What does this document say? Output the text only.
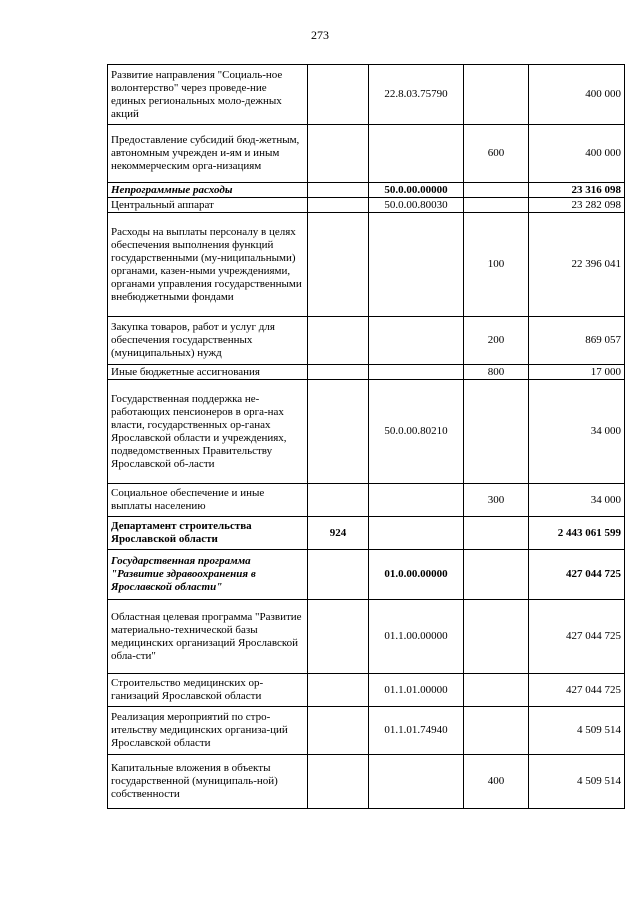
273
Развитие направления "Социаль-ное волонтерство" через проведе-ние единых региональных моло-дежных акций		22.8.03.75790		400 000
Предоставление субсидий бюд-жетным, автономным учрежден и-ям и иным некоммерческим орга-низациям			600	400 000
Непрограммные расходы		50.0.00.00000		23 316 098
Центральный аппарат		50.0.00.80030		23 282 098
Расходы на выплаты персоналу в целях обеспечения выполнения функций государственными (му-ниципальными) органами, казен-ными учреждениями, органами управления государственными внебюджетными фондами			100	22 396 041
Закупка товаров, работ и услуг для обеспечения государственных (муниципальных) нужд			200	869 057
Иные бюджетные ассигнования			800	17 000
Государственная поддержка не-работающих пенсионеров в орга-нах власти, государственных ор-ганах Ярославской области и учреждениях, подведомственных Правительству Ярославской об-ласти		50.0.00.80210		34 000
Социальное обеспечение и иные выплаты населению			300	34 000
Департамент строительства Ярославской области	924			2 443 061 599
Государственная программа "Развитие здравоохранения в Ярославской области"		01.0.00.00000		427 044 725
Областная целевая программа "Развитие материально-технической базы медицинских организаций Ярославской обла-сти"		01.1.00.00000		427 044 725
Строительство медицинских ор-ганизаций Ярославской области		01.1.01.00000		427 044 725
Реализация мероприятий по стро-ительству медицинских организа-ций Ярославской области		01.1.01.74940		4 509 514
Капитальные вложения в объекты государственной (муниципаль-ной) собственности			400	4 509 514
